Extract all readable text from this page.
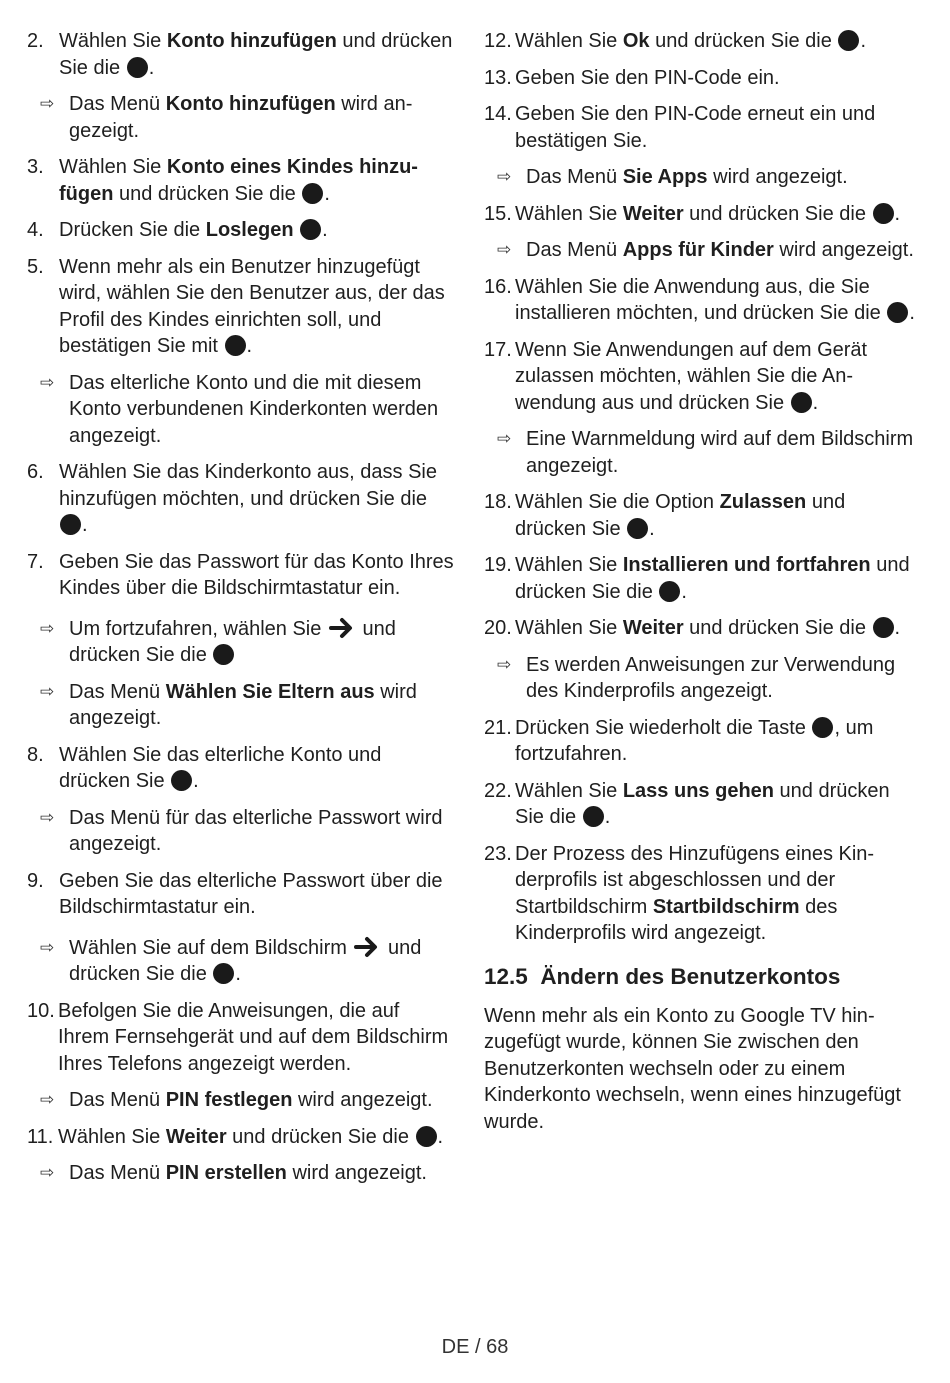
2. Wählen Sie Konto hinzufügen und drücken Sie die .
⇨ Das Menü Konto hinzufügen wird angezeigt.
3. Wählen Sie Konto eines Kindes hinzufügen und drücken Sie die .
4. Drücken Sie die Loslegen .
5. Wenn mehr als ein Benutzer hinzugefügt wird, wählen Sie den Benutzer aus, der das Profil des Kindes einrichten soll, und bestätigen Sie mit .
⇨ Das elterliche Konto und die mit diesem Konto verbundenen Kinderkonten werden angezeigt.
6. Wählen Sie das Kinderkonto aus, dass Sie hinzufügen möchten, und drücken Sie die .
7. Geben Sie das Passwort für das Konto Ihres Kindes über die Bildschirmtastatur ein.
⇨ Um fortzufahren, wählen Sie  und drücken Sie die
⇨ Das Menü Wählen Sie Eltern aus wird angezeigt.
8. Wählen Sie das elterliche Konto und drücken Sie .
⇨ Das Menü für das elterliche Passwort wird angezeigt.
9. Geben Sie das elterliche Passwort über die Bildschirmtastatur ein.
⇨ Wählen Sie auf dem Bildschirm  und drücken Sie die .
10. Befolgen Sie die Anweisungen, die auf Ihrem Fernsehgerät und auf dem Bildschirm Ihres Telefons angezeigt werden.
⇨ Das Menü PIN festlegen wird angezeigt.
11. Wählen Sie Weiter und drücken Sie die .
⇨ Das Menü PIN erstellen wird angezeigt.
12. Wählen Sie Ok und drücken Sie die .
13. Geben Sie den PIN-Code ein.
14. Geben Sie den PIN-Code erneut ein und bestätigen Sie.
⇨ Das Menü Sie Apps wird angezeigt.
15. Wählen Sie Weiter und drücken Sie die .
⇨ Das Menü Apps für Kinder wird angezeigt.
16. Wählen Sie die Anwendung aus, die Sie installieren möchten, und drücken Sie die .
17. Wenn Sie Anwendungen auf dem Gerät zulassen möchten, wählen Sie die Anwendung aus und drücken Sie .
⇨ Eine Warnmeldung wird auf dem Bildschirm angezeigt.
18. Wählen Sie die Option Zulassen und drücken Sie .
19. Wählen Sie Installieren und fortfahren und drücken Sie die .
20. Wählen Sie Weiter und drücken Sie die .
⇨ Es werden Anweisungen zur Verwendung des Kinderprofils angezeigt.
21. Drücken Sie wiederholt die Taste , um fortzufahren.
22. Wählen Sie Lass uns gehen und drücken Sie die .
23. Der Prozess des Hinzufügens eines Kinderprofils ist abgeschlossen und der Startbildschirm Startbildschirm des Kinderprofils wird angezeigt.
12.5 Ändern des Benutzerkontos

Wenn mehr als ein Konto zu Google TV hinzugefügt wurde, können Sie zwischen den Benutzerkonten wechseln oder zu einem Kinderkonto wechseln, wenn eines hinzugefügt wurde.

DE / 68
